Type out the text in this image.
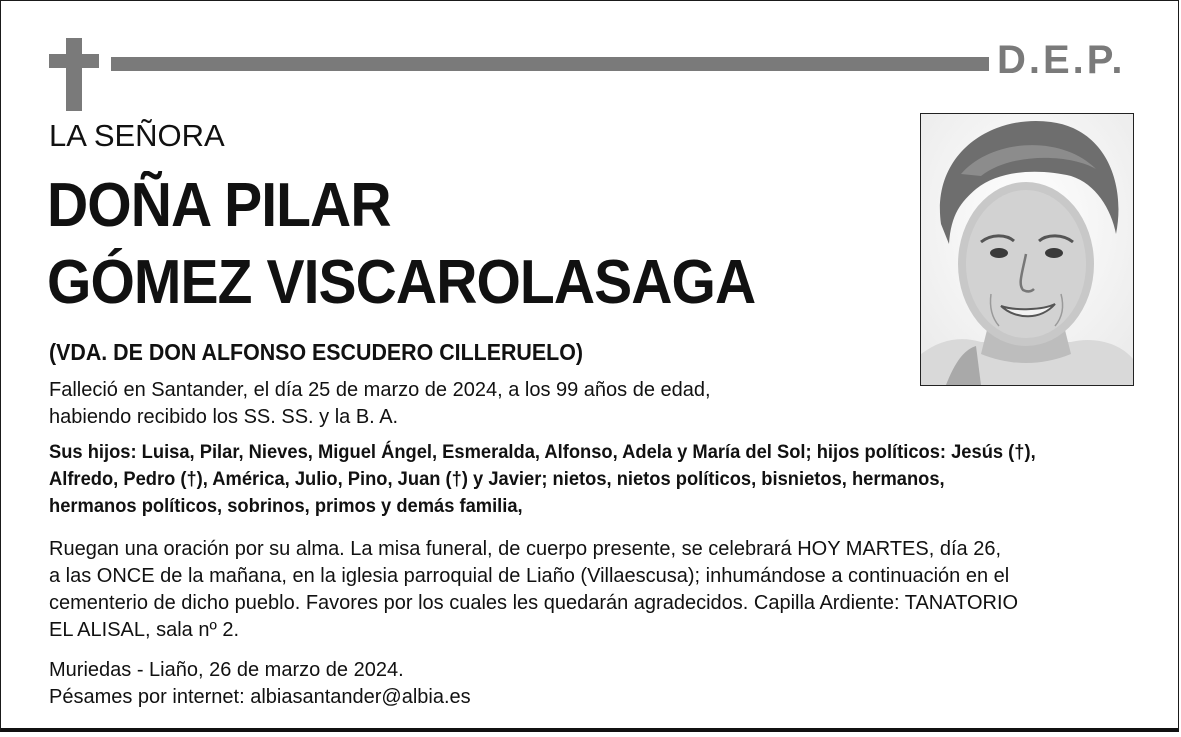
D.E.P.
LA SEÑORA
DOÑA PILAR
GÓMEZ VISCAROLASAGA
(VDA. DE DON ALFONSO ESCUDERO CILLERUELO)
Falleció en Santander, el día 25 de marzo de 2024, a los 99 años de edad,
habiendo recibido los SS. SS. y la B. A.
Sus hijos: Luisa, Pilar, Nieves, Miguel Ángel, Esmeralda, Alfonso, Adela y María del Sol; hijos políticos: Jesús (†),
Alfredo, Pedro (†), América, Julio, Pino, Juan (†) y Javier; nietos, nietos políticos, bisnietos, hermanos,
hermanos políticos, sobrinos, primos y demás familia,
Ruegan una oración por su alma. La misa funeral, de cuerpo presente, se celebrará HOY MARTES, día 26,
a las ONCE de la mañana, en la iglesia parroquial de Liaño (Villaescusa); inhumándose a continuación en el
cementerio de dicho pueblo. Favores por los cuales les quedarán agradecidos. Capilla Ardiente: TANATORIO
EL ALISAL, sala nº 2.
Muriedas - Liaño, 26 de marzo de 2024.
Pésames por internet: albiasantander@albia.es
